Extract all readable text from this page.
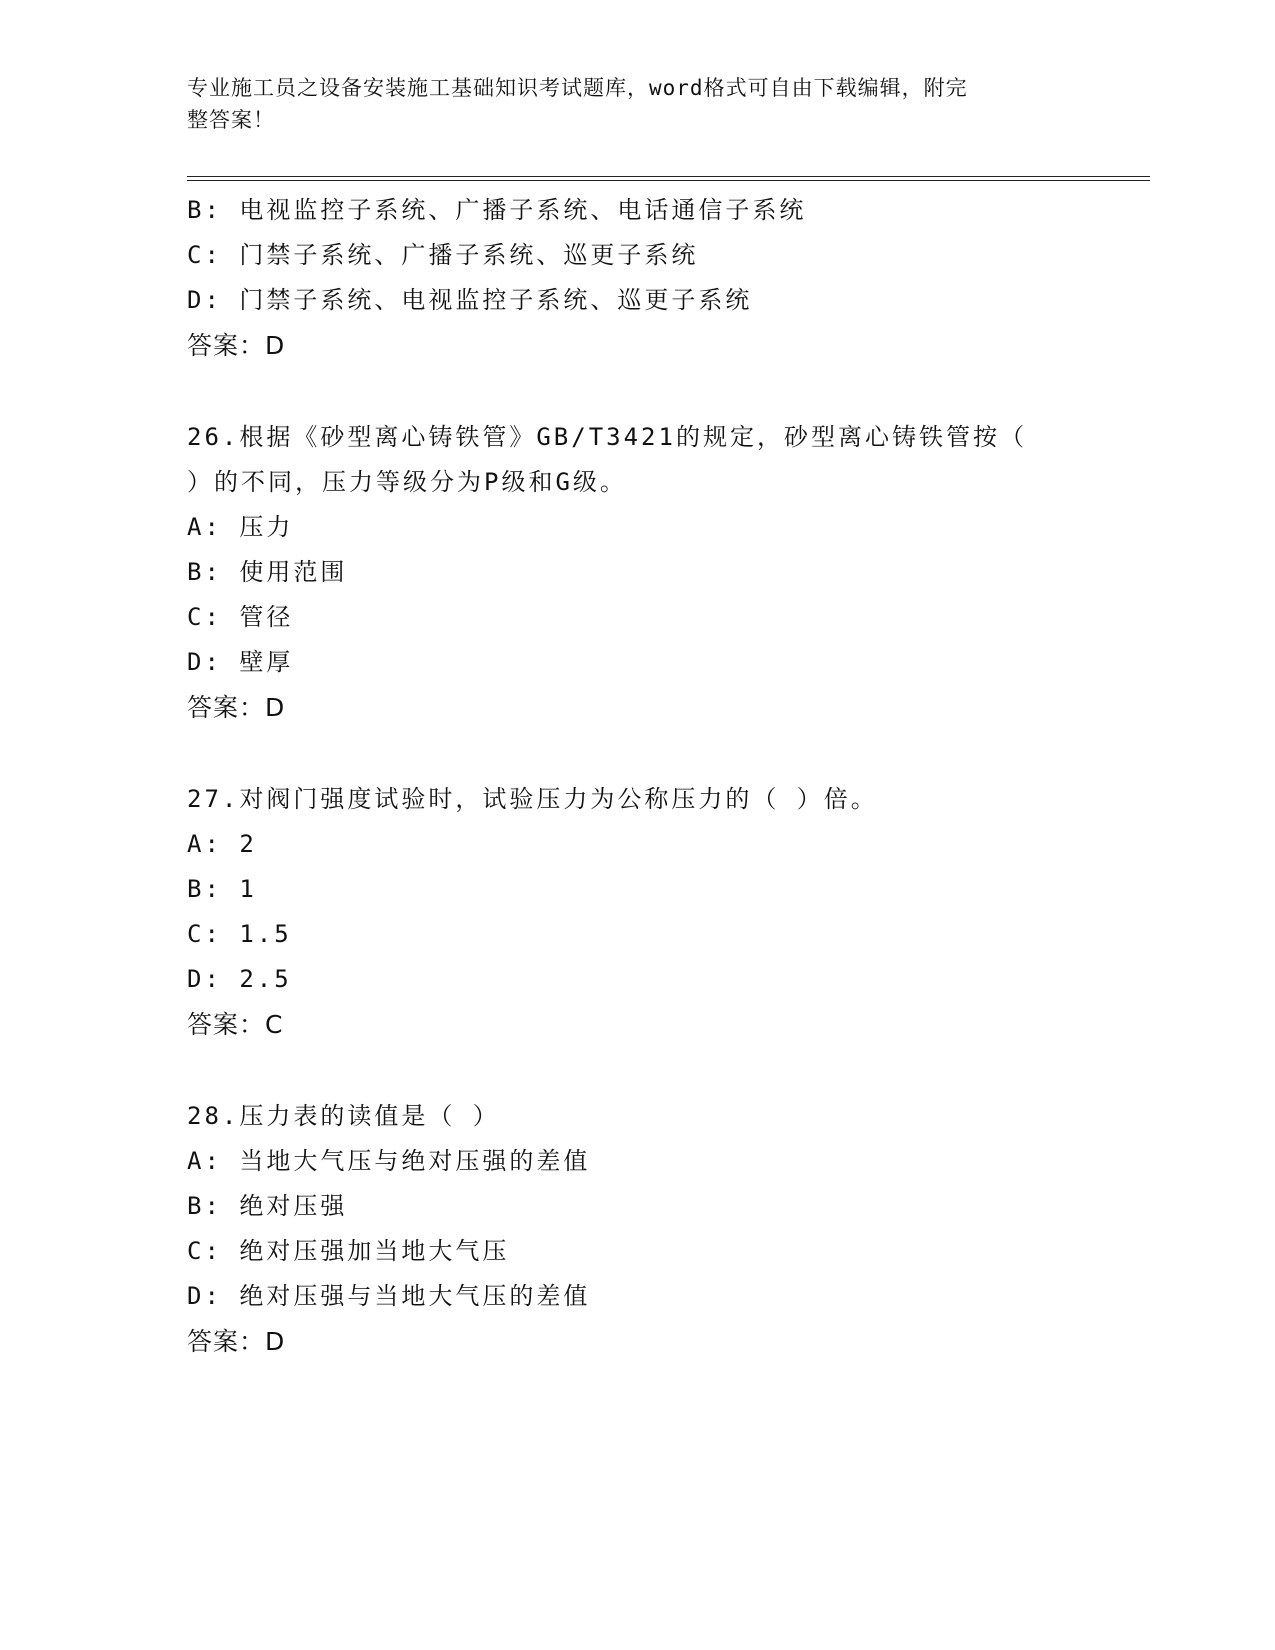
专业施工员之设备安装施工基础知识考试题库，word格式可自由下载编辑，附完
整答案！
B: 电视监控子系统、广播子系统、电话通信子系统
C: 门禁子系统、广播子系统、巡更子系统
D: 门禁子系统、电视监控子系统、巡更子系统
答案：D
26.根据《砂型离心铸铁管》GB/T3421的规定，砂型离心铸铁管按（
）的不同，压力等级分为P级和G级。
A: 压力
B: 使用范围
C: 管径
D: 壁厚
答案：D
27.对阀门强度试验时，试验压力为公称压力的（ ）倍。
A: 2
B: 1
C: 1.5
D: 2.5
答案：C
28.压力表的读值是（ ）
A: 当地大气压与绝对压强的差值
B: 绝对压强
C: 绝对压强加当地大气压
D: 绝对压强与当地大气压的差值
答案：D
